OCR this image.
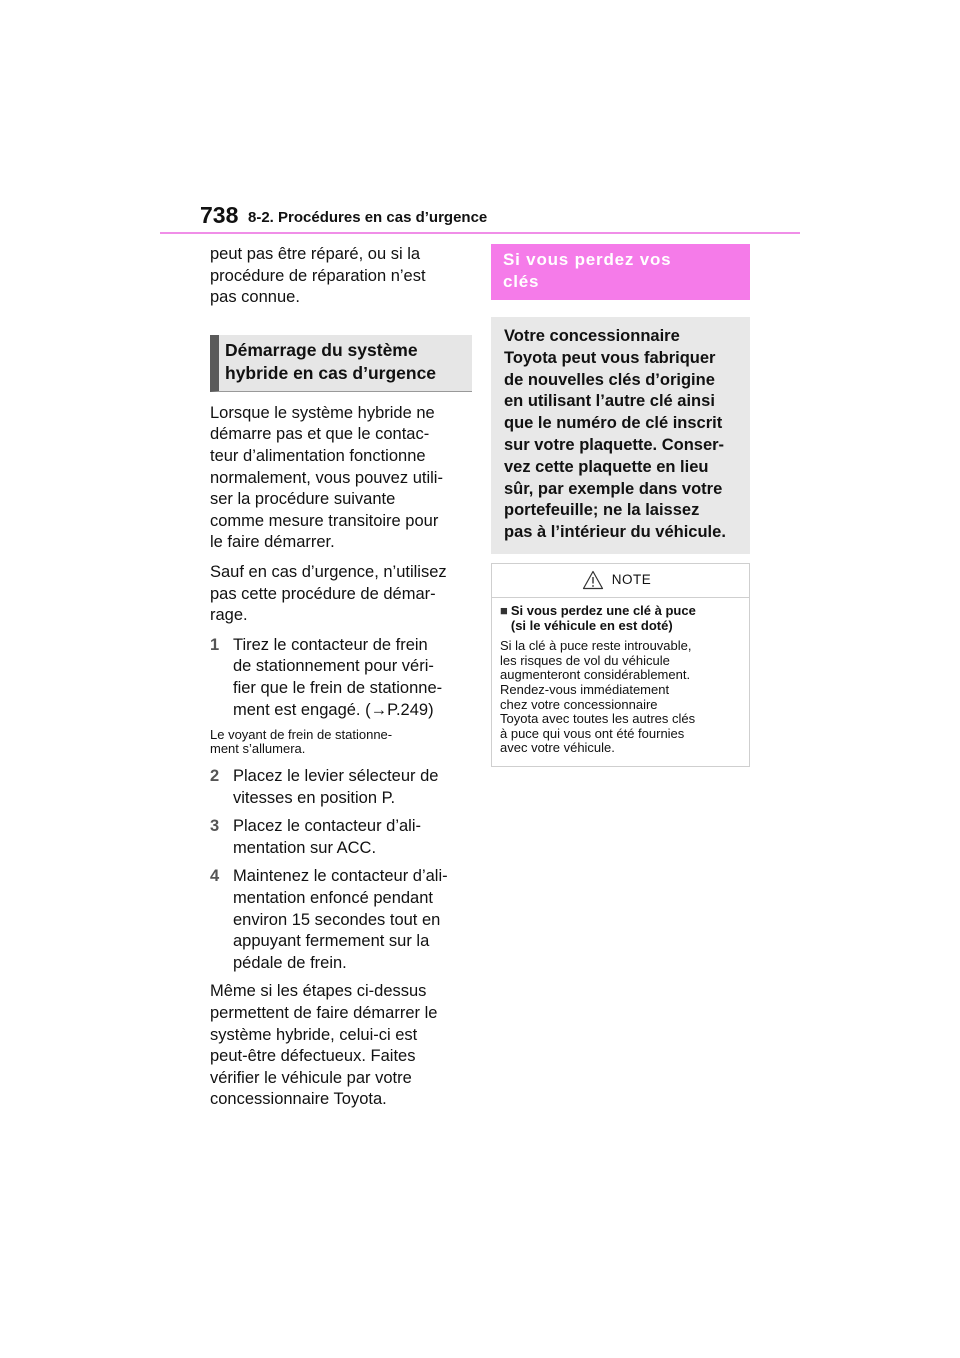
738 8-2. Procédures en cas d’urgence

peut pas être réparé, ou si la
procédure de réparation n’est
pas connue.

Démarrage du système
hybride en cas d’urgence

Lorsque le système hybride ne
démarre pas et que le contac-
teur d’alimentation fonctionne
normalement, vous pouvez utili-
ser la procédure suivante
comme mesure transitoire pour
le faire démarrer.

Sauf en cas d’urgence, n’utilisez
pas cette procédure de démar-
rage.

1 Tirez le contacteur de frein
de stationnement pour véri-
fier que le frein de stationne-
ment est engagé. (→P.249)

Le voyant de frein de stationne-
ment s’allumera.

2 Placez le levier sélecteur de
vitesses en position P.
3 Placez le contacteur d’ali-
mentation sur ACC.
4 Maintenez le contacteur d’ali-
mentation enfoncé pendant
environ 15 secondes tout en
appuyant fermement sur la
pédale de frein.

Même si les étapes ci-dessus
permettent de faire démarrer le
système hybride, celui-ci est
peut-être défectueux. Faites
vérifier le véhicule par votre
concessionnaire Toyota.

Si vous perdez vos
clés
Votre concessionnaire
Toyota peut vous fabriquer
de nouvelles clés d’origine
en utilisant l’autre clé ainsi
que le numéro de clé inscrit
sur votre plaquette. Conser-
vez cette plaquette en lieu
sûr, par exemple dans votre
portefeuille; ne la laissez
pas à l’intérieur du véhicule.
NOTE
■ Si vous perdez une clé à puce
(si le véhicule en est doté)
Si la clé à puce reste introuvable,
les risques de vol du véhicule
augmenteront considérablement.
Rendez-vous immédiatement
chez votre concessionnaire
Toyota avec toutes les autres clés
à puce qui vous ont été fournies
avec votre véhicule.
